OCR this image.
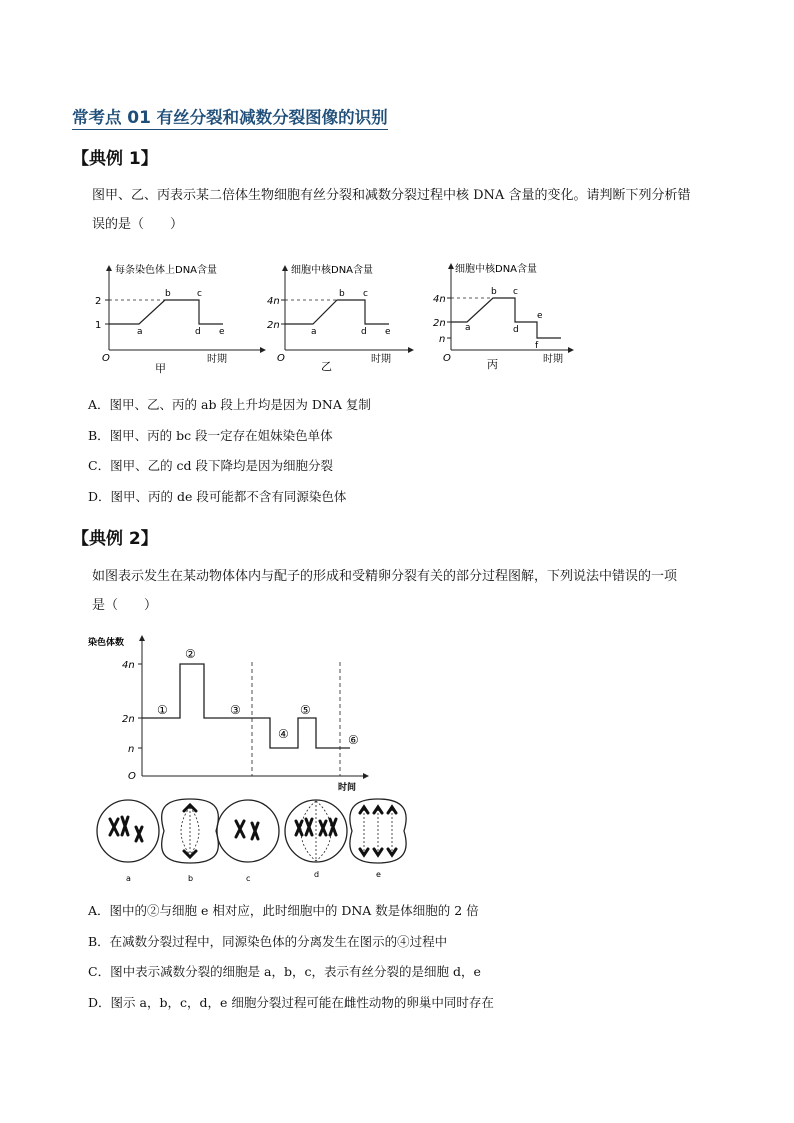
常考点 01 有丝分裂和减数分裂图像的识别
【典例 1】
图甲、乙、丙表示某二倍体生物细胞有丝分裂和减数分裂过程中核 DNA 含量的变化。请判断下列分析错
误的是（　　）
每条染色体上DNA含量
2
1
O
a
b	c
d e
时期
甲
细胞中核DNA含量
4n
2n
O
a
b c
d e
时期
乙
细胞中核DNA含量
4n
2n
n
O
a
b c
d
e
f
时期
丙
A．图甲、乙、丙的 ab 段上升均是因为 DNA 复制
B．图甲、丙的 bc 段一定存在姐妹染色单体
C．图甲、乙的 cd 段下降均是因为细胞分裂
D．图甲、丙的 de 段可能都不含有同源染色体
【典例 2】
如图表示发生在某动物体体内与配子的形成和受精卵分裂有关的部分过程图解，下列说法中错误的一项
是（　　）
染色体数
4n
2n
n
O
①
②
③
④
⑤
⑥
时间
a	b	c	d	e
A．图中的②与细胞 e 相对应，此时细胞中的 DNA 数是体细胞的 2 倍
B．在减数分裂过程中，同源染色体的分离发生在图示的④过程中
C．图中表示减数分裂的细胞是 a，b，c，表示有丝分裂的是细胞 d，e
D．图示 a，b，c，d，e 细胞分裂过程可能在雌性动物的卵巢中同时存在
